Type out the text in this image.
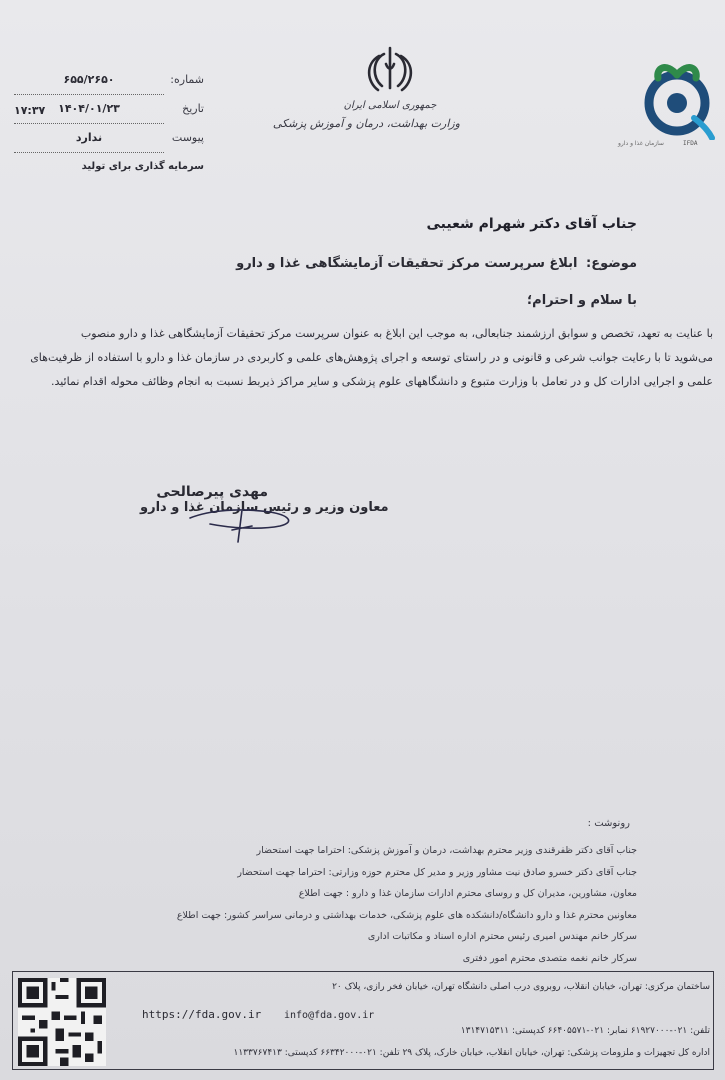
شماره:
۶۵۵/۲۶۵۰
تاریخ
۱۴۰۴/۰۱/۲۳
۱۷:۳۷
پیوست
ندارد
سرمایه گذاری برای تولید
جمهوری اسلامی ایران
وزارت بهداشت، درمان و آموزش پزشکی
سازمان غذا و دارو	IFDA
جناب آقای دکتر شهرام شعیبی
موضوع: ابلاغ سرپرست مرکز تحقیقات آزمایشگاهی غذا و دارو
با سلام و احترام؛
با عنایت به تعهد، تخصص و سوابق ارزشمند جنابعالی، به موجب این ابلاغ به عنوان سرپرست مرکز تحقیقات آزمایشگاهی غذا و دارو منصوب
می‌شوید تا با رعایت جوانب شرعی و قانونی و در راستای توسعه و اجرای پژوهش‌های علمی و کاربردی در سازمان غذا و دارو با استفاده از ظرفیت‌های
علمی و اجرایی ادارات کل و در تعامل با وزارت متبوع و دانشگاههای علوم پزشکی و سایر مراکز ذیربط نسبت به انجام وظائف محوله اقدام نمائید.
مهدی پیرصالحی
معاون وزیر و رئیس سازمان غذا و دارو
رونوشت :
جناب آقای دکتر ظفرقندی وزیر محترم بهداشت، درمان و آموزش پزشکی: احتراما جهت استحضار
جناب آقای دکتر خسرو صادق نیت مشاور وزیر و مدیر کل محترم حوزه وزارتی: احتراما جهت استحضار
معاون، مشاورین، مدیران کل و روسای محترم ادارات سازمان غذا و دارو : جهت اطلاع
معاونین محترم غذا و دارو دانشگاه/دانشکده های علوم پزشکی، خدمات بهداشتی و درمانی سراسر کشور: جهت اطلاع
سرکار خانم مهندس امیری رئیس محترم اداره اسناد و مکاتبات اداری
سرکار خانم نغمه متصدی محترم امور دفتری
ساختمان مرکزی: تهران، خیابان انقلاب، روبروی درب اصلی دانشگاه تهران، خیابان فخر رازی، پلاک ۲۰
تلفن: ۰۲۱-۶۱۹۲۷۰۰۰ نمابر: ۰۲۱-۶۶۴۰۵۵۷۱ کدپستی: ۱۳۱۴۷۱۵۳۱۱
اداره کل تجهیزات و ملزومات پزشکی: تهران، خیابان انقلاب، خیابان خارک، پلاک ۲۹ تلفن: ۰۲۱-۶۶۳۴۲۰۰۰ کدپستی: ۱۱۳۳۷۶۷۴۱۳
https://fda.gov.ir info@fda.gov.ir
